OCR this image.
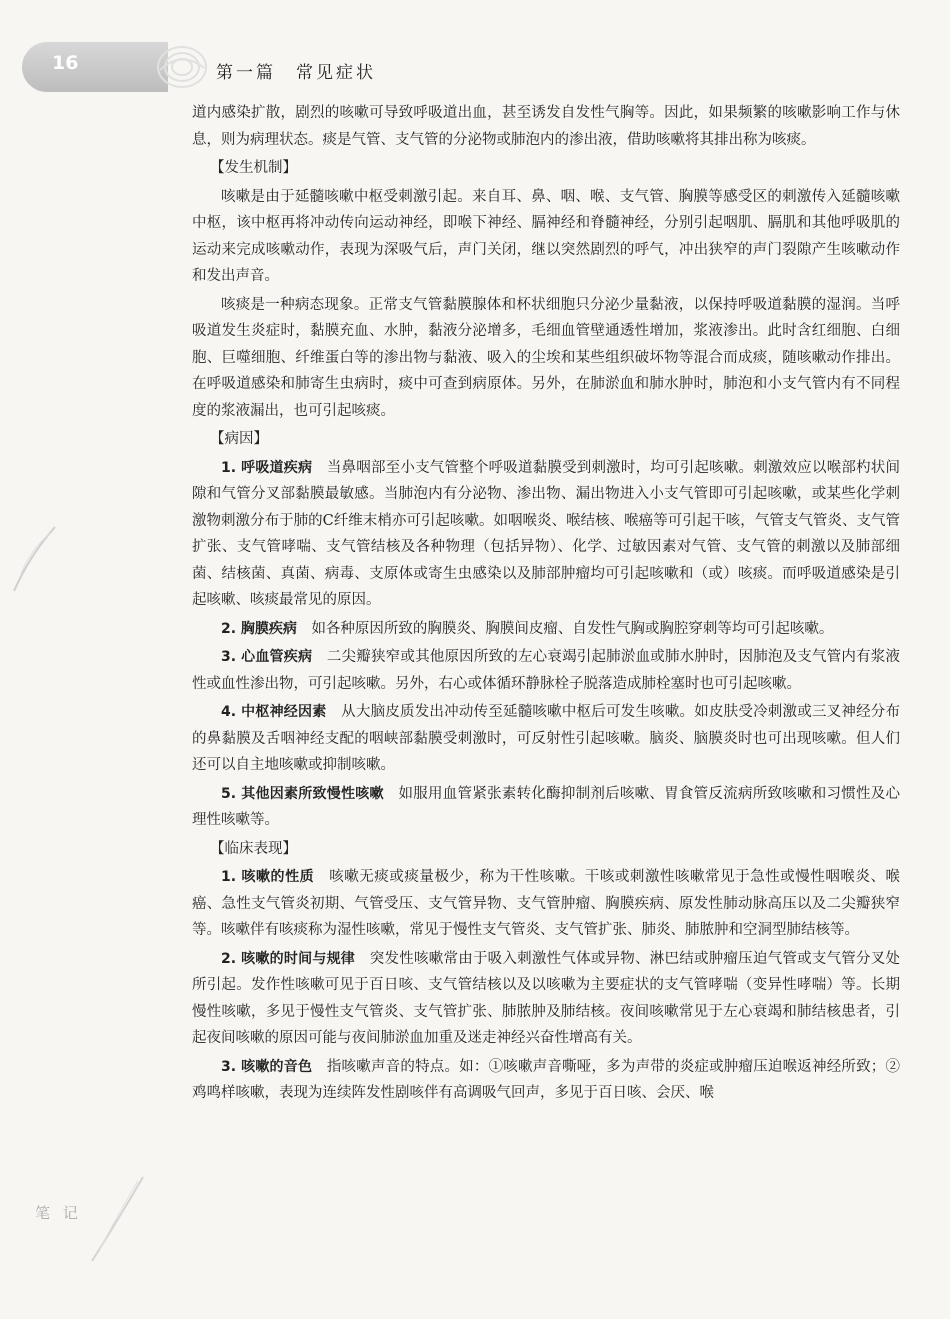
16	第一篇　常见症状

道内感染扩散，剧烈的咳嗽可导致呼吸道出血，甚至诱发自发性气胸等。因此，如果频繁的咳嗽影响工作与休息，则为病理状态。痰是气管、支气管的分泌物或肺泡内的渗出液，借助咳嗽将其排出称为咳痰。

【发生机制】

咳嗽是由于延髓咳嗽中枢受刺激引起。来自耳、鼻、咽、喉、支气管、胸膜等感受区的刺激传入延髓咳嗽中枢，该中枢再将冲动传向运动神经，即喉下神经、膈神经和脊髓神经，分别引起咽肌、膈肌和其他呼吸肌的运动来完成咳嗽动作，表现为深吸气后，声门关闭，继以突然剧烈的呼气，冲出狭窄的声门裂隙产生咳嗽动作和发出声音。

咳痰是一种病态现象。正常支气管黏膜腺体和杯状细胞只分泌少量黏液，以保持呼吸道黏膜的湿润。当呼吸道发生炎症时，黏膜充血、水肿，黏液分泌增多，毛细血管壁通透性增加，浆液渗出。此时含红细胞、白细胞、巨噬细胞、纤维蛋白等的渗出物与黏液、吸入的尘埃和某些组织破坏物等混合而成痰，随咳嗽动作排出。在呼吸道感染和肺寄生虫病时，痰中可查到病原体。另外，在肺淤血和肺水肿时，肺泡和小支气管内有不同程度的浆液漏出，也可引起咳痰。

【病因】

1. 呼吸道疾病　 当鼻咽部至小支气管整个呼吸道黏膜受到刺激时，均可引起咳嗽。刺激效应以喉部杓状间隙和气管分叉部黏膜最敏感。当肺泡内有分泌物、渗出物、漏出物进入小支气管即可引起咳嗽，或某些化学刺激物刺激分布于肺的C纤维末梢亦可引起咳嗽。如咽喉炎、喉结核、喉癌等可引起干咳，气管支气管炎、支气管扩张、支气管哮喘、支气管结核及各种物理（包括异物）、化学、过敏因素对气管、支气管的刺激以及肺部细菌、结核菌、真菌、病毒、支原体或寄生虫感染以及肺部肿瘤均可引起咳嗽和（或）咳痰。而呼吸道感染是引起咳嗽、咳痰最常见的原因。

2. 胸膜疾病　 如各种原因所致的胸膜炎、胸膜间皮瘤、自发性气胸或胸腔穿刺等均可引起咳嗽。

3. 心血管疾病　 二尖瓣狭窄或其他原因所致的左心衰竭引起肺淤血或肺水肿时，因肺泡及支气管内有浆液性或血性渗出物，可引起咳嗽。另外，右心或体循环静脉栓子脱落造成肺栓塞时也可引起咳嗽。

4. 中枢神经因素　 从大脑皮质发出冲动传至延髓咳嗽中枢后可发生咳嗽。如皮肤受冷刺激或三叉神经分布的鼻黏膜及舌咽神经支配的咽峡部黏膜受刺激时，可反射性引起咳嗽。脑炎、脑膜炎时也可出现咳嗽。但人们还可以自主地咳嗽或抑制咳嗽。

5. 其他因素所致慢性咳嗽　 如服用血管紧张素转化酶抑制剂后咳嗽、胃食管反流病所致咳嗽和习惯性及心理性咳嗽等。

【临床表现】

1. 咳嗽的性质　 咳嗽无痰或痰量极少，称为干性咳嗽。干咳或刺激性咳嗽常见于急性或慢性咽喉炎、喉癌、急性支气管炎初期、气管受压、支气管异物、支气管肿瘤、胸膜疾病、原发性肺动脉高压以及二尖瓣狭窄等。咳嗽伴有咳痰称为湿性咳嗽，常见于慢性支气管炎、支气管扩张、肺炎、肺脓肿和空洞型肺结核等。

2. 咳嗽的时间与规律　 突发性咳嗽常由于吸入刺激性气体或异物、淋巴结或肿瘤压迫气管或支气管分叉处所引起。发作性咳嗽可见于百日咳、支气管结核以及以咳嗽为主要症状的支气管哮喘（变异性哮喘）等。长期慢性咳嗽，多见于慢性支气管炎、支气管扩张、肺脓肿及肺结核。夜间咳嗽常见于左心衰竭和肺结核患者，引起夜间咳嗽的原因可能与夜间肺淤血加重及迷走神经兴奋性增高有关。

3. 咳嗽的音色　 指咳嗽声音的特点。如：①咳嗽声音嘶哑，多为声带的炎症或肿瘤压迫喉返神经所致；②鸡鸣样咳嗽，表现为连续阵发性剧咳伴有高调吸气回声，多见于百日咳、会厌、喉

笔 记
